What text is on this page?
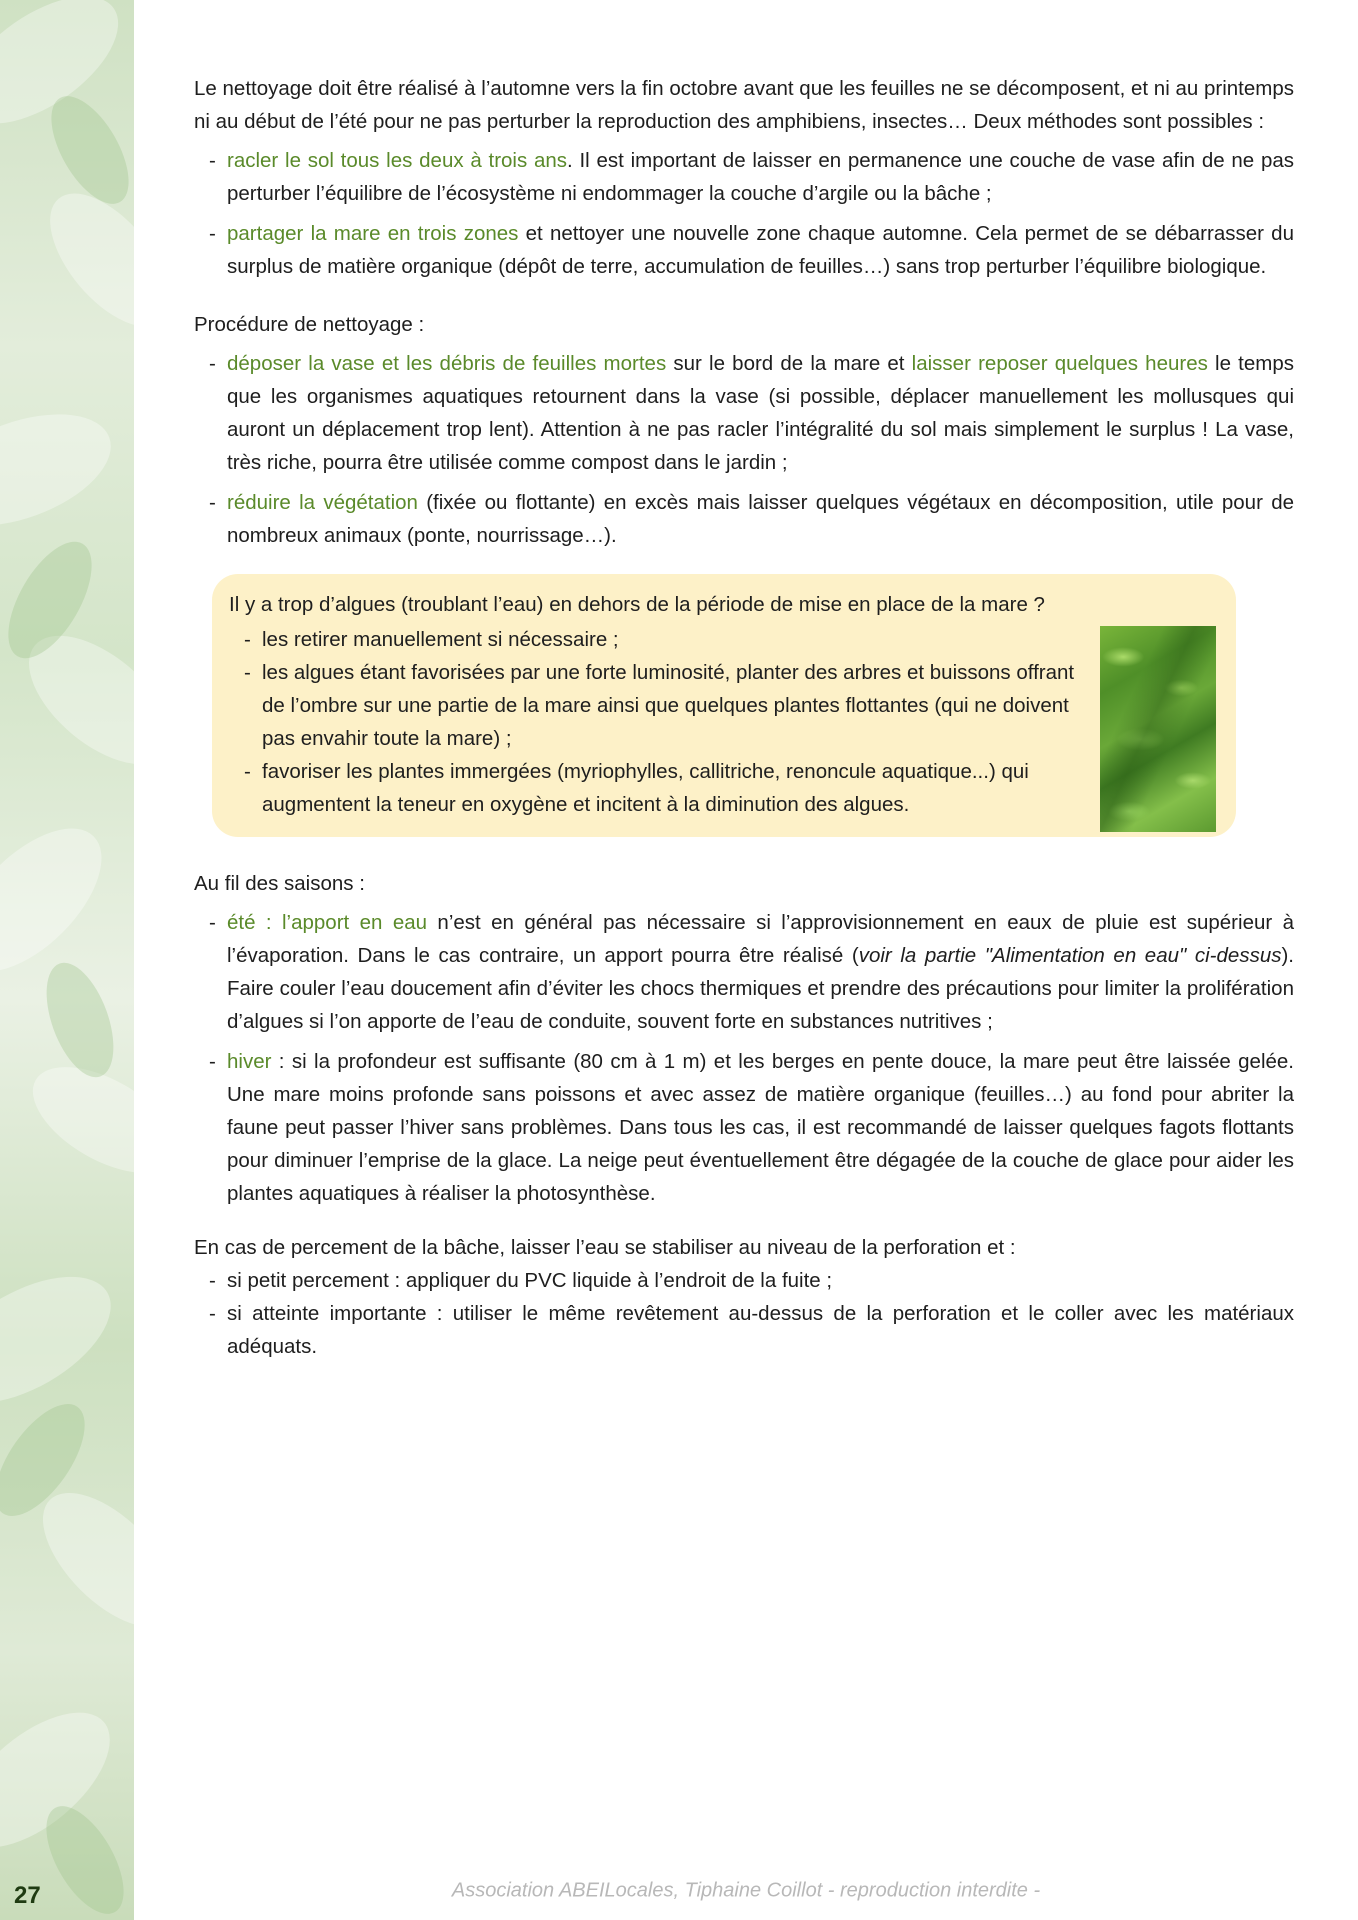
Le nettoyage doit être réalisé à l’automne vers la fin octobre avant que les feuilles ne se décomposent, et ni au printemps ni au début de l’été pour ne pas perturber la reproduction des amphibiens, insectes… Deux méthodes sont possibles :

- racler le sol tous les deux à trois ans. Il est important de laisser en permanence une couche de vase afin de ne pas perturber l’équilibre de l’écosystème ni endommager la couche d’argile ou la bâche ;
- partager la mare en trois zones et nettoyer une nouvelle zone chaque automne. Cela permet de se débarrasser du surplus de matière organique (dépôt de terre, accumulation de feuilles…) sans trop perturber l’équilibre biologique.

Procédure de nettoyage :

- déposer la vase et les débris de feuilles mortes sur le bord de la mare et laisser reposer quelques heures le temps que les organismes aquatiques retournent dans la vase (si possible, déplacer manuellement les mollusques qui auront un déplacement trop lent). Attention à ne pas racler l’intégralité du sol mais simplement le surplus ! La vase, très riche, pourra être utilisée comme compost dans le jardin ;
- réduire la végétation (fixée ou flottante) en excès mais laisser quelques végétaux en décomposition, utile pour de nombreux animaux (ponte, nourrissage…).
Il y a trop d’algues (troublant l’eau) en dehors de la période de mise en place de la mare ?
- les retirer manuellement si nécessaire ;
- les algues étant favorisées par une forte luminosité, planter des arbres et buissons offrant de l’ombre sur une partie de la mare ainsi que quelques plantes flottantes (qui ne doivent pas envahir toute la mare) ;
- favoriser les plantes immergées (myriophylles, callitriche, renoncule aquatique...) qui augmentent la teneur en oxygène et incitent à la diminution des algues.

Au fil des saisons :

- été : l’apport en eau n’est en général pas nécessaire si l’approvisionnement en eaux de pluie est supérieur à l’évaporation. Dans le cas contraire, un apport pourra être réalisé (voir la partie "Alimentation en eau" ci-dessus). Faire couler l’eau doucement afin d’éviter les chocs thermiques et prendre des précautions pour limiter la prolifération d’algues si l’on apporte de l’eau de conduite, souvent forte en substances nutritives ;
- hiver : si la profondeur est suffisante (80 cm à 1 m) et les berges en pente douce, la mare peut être laissée gelée. Une mare moins profonde sans poissons et avec assez de matière organique (feuilles…) au fond pour abriter la faune peut passer l’hiver sans problèmes. Dans tous les cas, il est recommandé de laisser quelques fagots flottants pour diminuer l’emprise de la glace. La neige peut éventuellement être dégagée de la couche de glace pour aider les plantes aquatiques à réaliser la photosynthèse.

En cas de percement de la bâche, laisser l’eau se stabiliser au niveau de la perforation et :

- si petit percement : appliquer du PVC liquide à l’endroit de la fuite ;
- si atteinte importante : utiliser le même revêtement au-dessus de la perforation et le coller avec les matériaux adéquats.
27	Association ABEILocales, Tiphaine Coillot - reproduction interdite -
